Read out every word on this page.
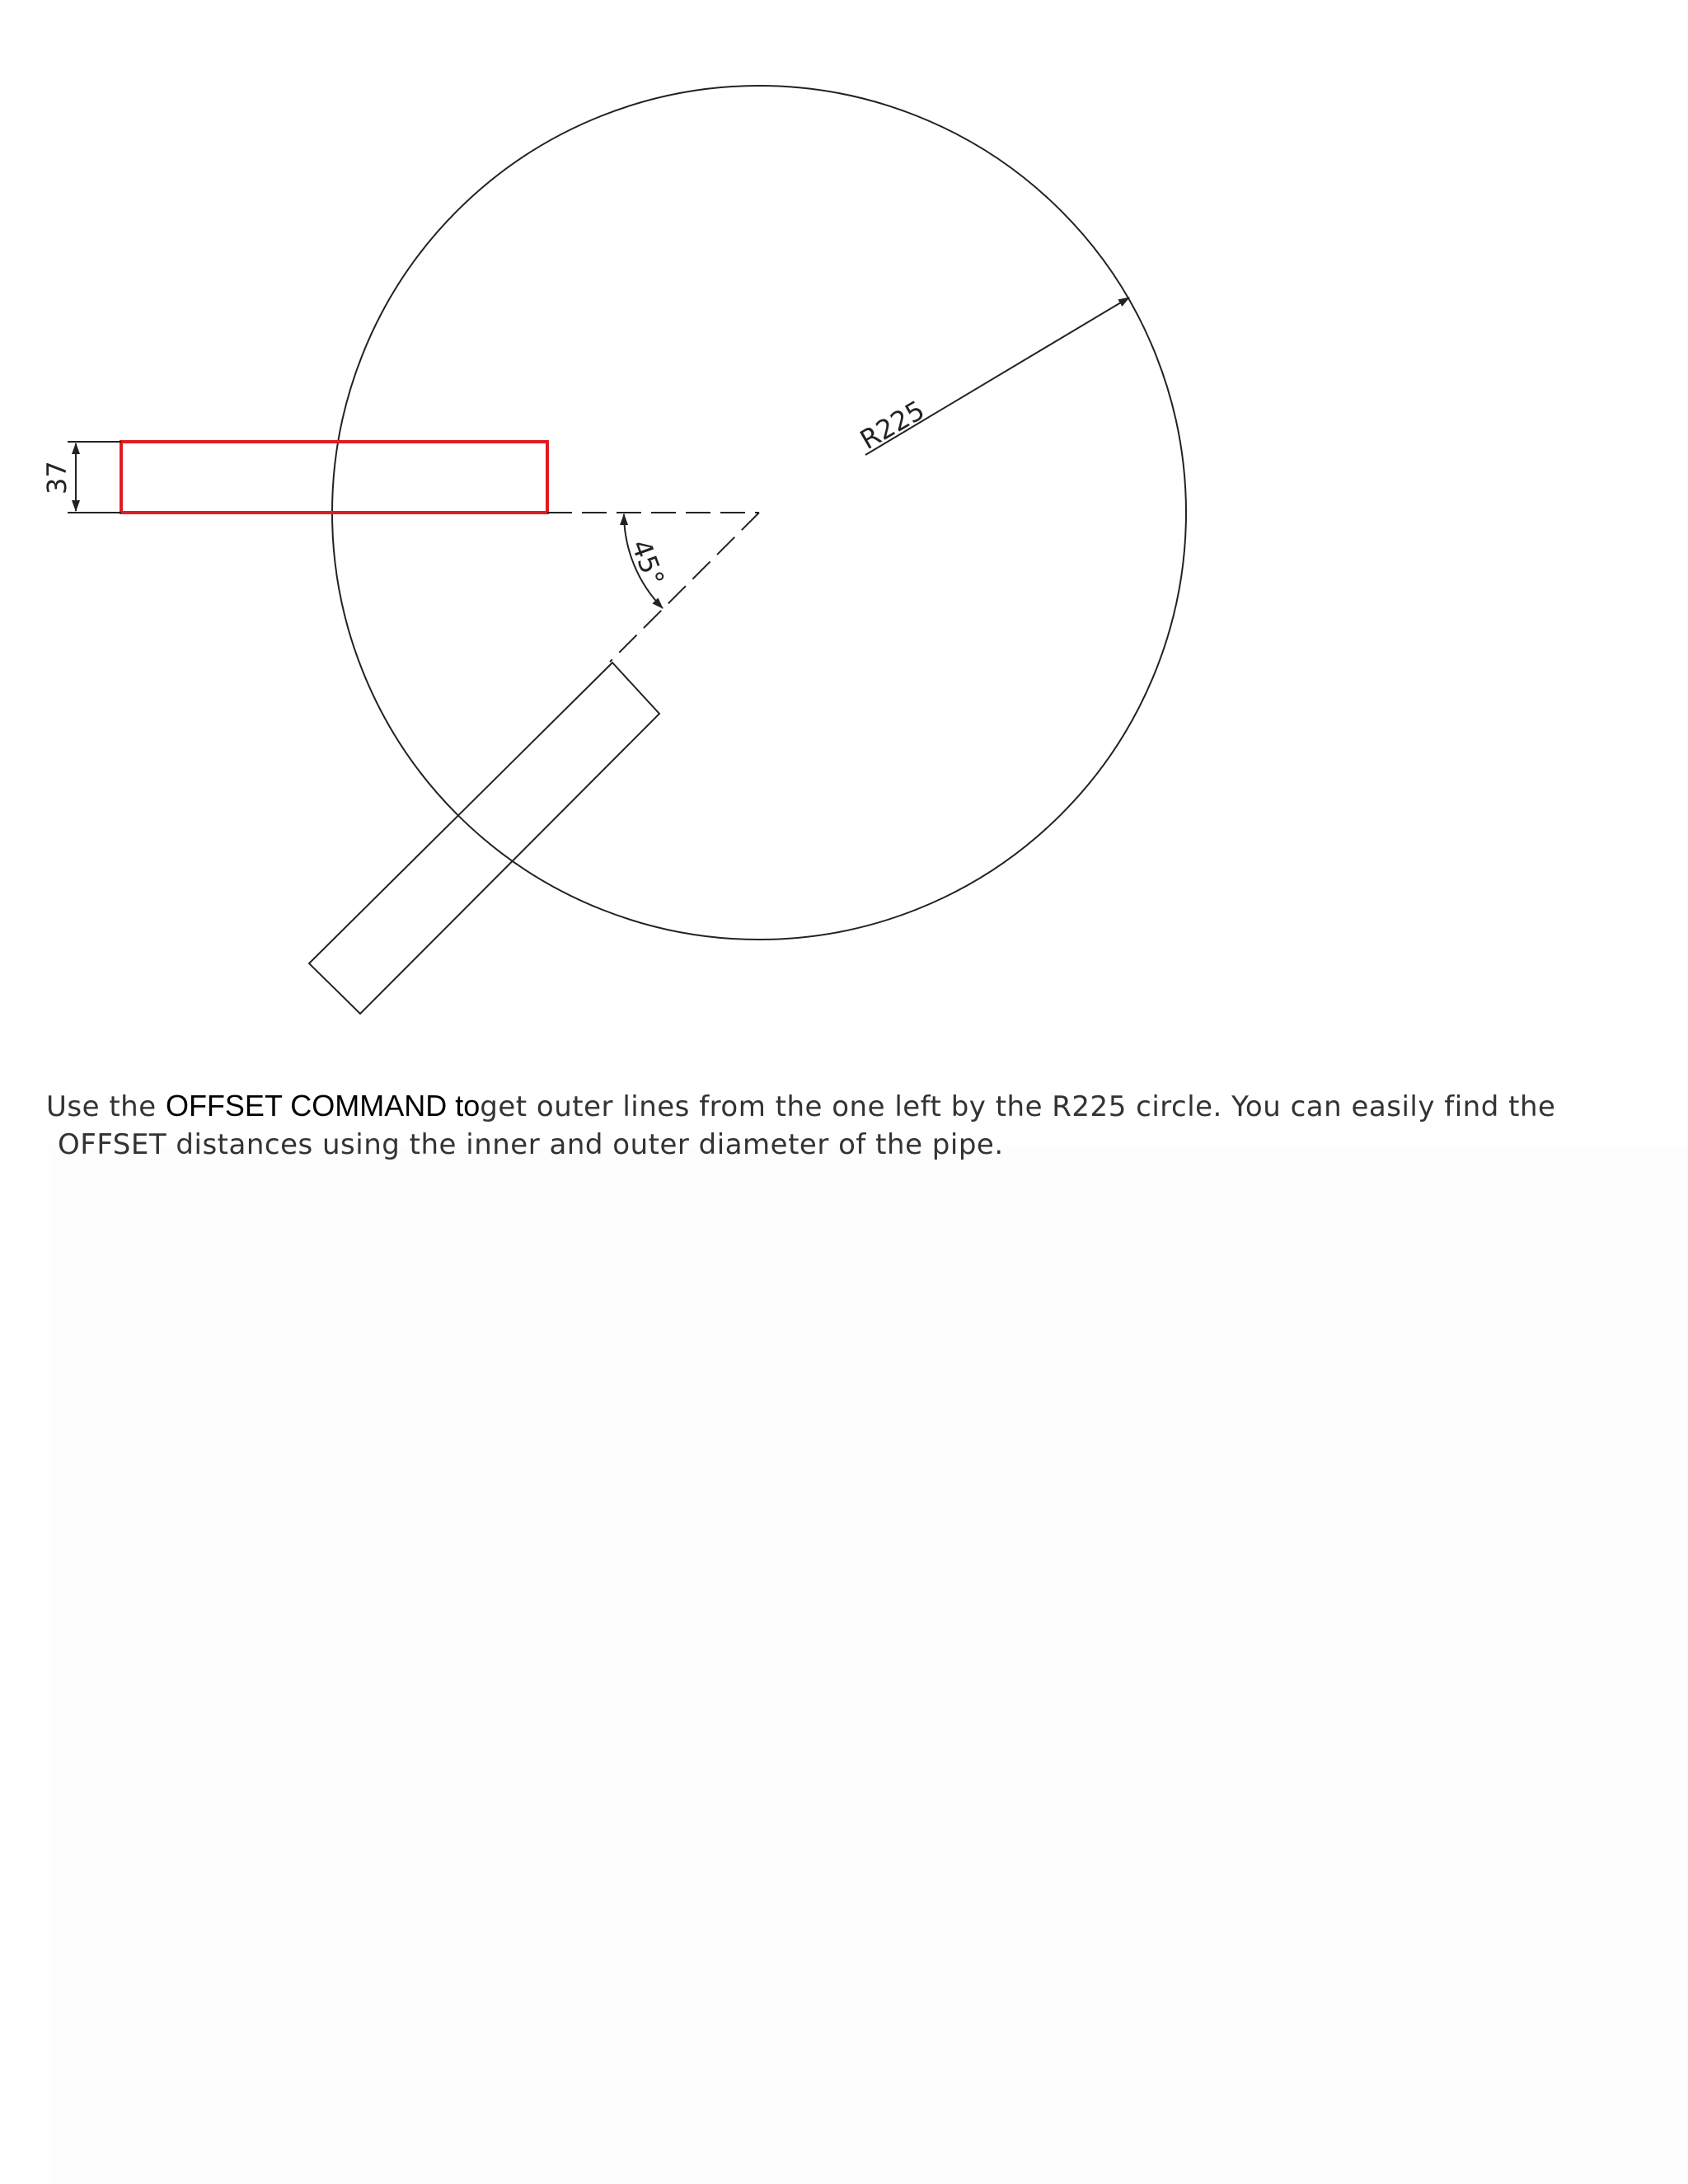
R225
37
45°

Use the OFFSET COMMAND toget outer lines from the one left by the R225 circle. You can easily find the
OFFSET distances using the inner and outer diameter of the pipe.
